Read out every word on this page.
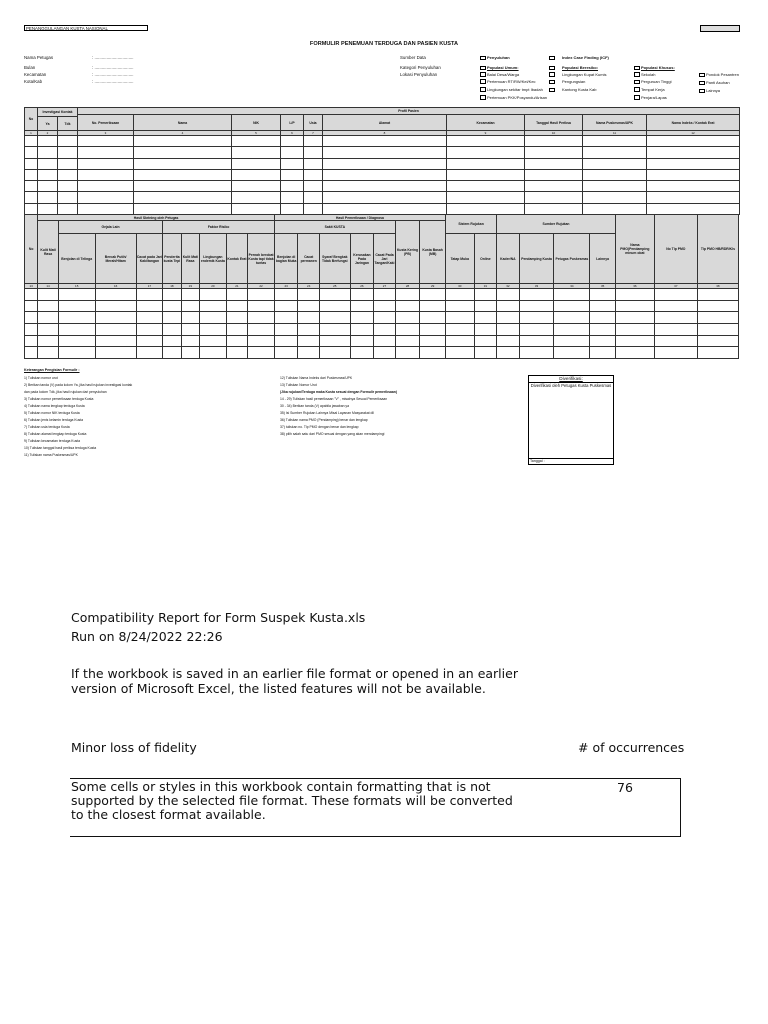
PENANGGULANGAN KUSTA NASIONAL
FORMULIR PENEMUAN TERDUGA DAN PASIEN KUSTA
Nama Petugas	: ................................
Bulan	: ................................
Kecamatan	: ................................
Kota/Kab	: ................................
Sumber Data
Kategori Penyuluhan
Lokasi Penyuluhan
Penyuluhan	Index Case Finding (ICF)
Populasi Umum:	Populasi Beresiko:	Populasi Khusus:
Balai Desa/Warga
Pertemuan RT/RW/Kel/Kec
Lingkungan sekitar tmpt Ibadah
Pertemuan PKK/Posyandu/Arisan
Lingkungan Kupat Kumis
Pengungsian
Kantong Kusta Kab
Sekolah
Perguruan Tinggi
Tempat Kerja
Penjara/Lapas
Pondok Pesantren
Panti Asuhan
Lainnya
No	Investigasi Kontak		Profil Pasien									
			No. Pemeriksaan	Nama	NIK	L/P	Usia	Alamat	Kecamatan	Tanggal Hasil Periksa	Nama Puskesmas/UPK	Nama Indeks / Kontak Erat
	Ya	Tdk										
1	2		3	4	5	6	7	8	9	10	11	12

No	Hasil Skrining oleh Petugas									Hasil Pemeriksaan / Diagnosa							Sistem Rujukan		Sumber Rujukan				Nama PMO(Pendamping minum obat	No Tlp PMO	Tlp PMO HB/RDR/Kls
	Kulit Mati Rasa	Gejala Lain			Faktor Risiko					Sakit KUSTA					Kusta Kering (PB)	Kusta Basah (MB)									
		Benjolan di Telinga	Bercak Putih/ Merah/Hitam	Cacat pada Jari Kaki/tangan	Penderita kusta Tepi	Kulit Mati Rasa	Lingkungan endemik Kusta	Kontak Erat	Pernah berobat Kusta tapi tidak tuntas	Benjolan di bagian Muka	Cacat permanen	Syaraf Bengkak Tidak Berfungsi	Kerusakan Pada Jaringan	Cacat Pada Jari Tangan/Kaki			Tatap Muka	Online	Kader/NA	Pendamping Kusta	Petugas Puskesmas	Lainnya			
13	14	15	16	17	18	19	20	21	22	23	24	25	26	27	28	29	30	31	32	33	34	35	36	37	38

Keterangan Pengisian Formulir :
1) Tuliskan nomor urut
2) Berikan tanda (V) pada kolom Ya, jika hasil rujukan investigasi kontak
dan pada kolom Tdk, jika hasil rujukan dari penyuluhan
3) Tuliskan nomor pemeriksaan terduga Kusta
4) Tuliskan nama lengkap terduga Kusta
5) Tuliskan nomor NIK terduga Kusta
6) Tuliskan jenis kelamin terduga Kusta
7) Tuliskan usia terduga Kusta
8) Tuliskan alamat lengkap terduga Kusta
9) Tuliskan kecamatan terduga Kusta
10) Tuliskan tanggal hasil periksa terduga Kusta
11) Tuliskan nama Puskesmas/UPK
12) Tuliskan Nama Indeks dari Puskesmas/UPK
13) Tuliskan Nomor Urut
(Jika rujukan/Terduga maka Kusta sesuai dengan Formulir pemeriksaan)
14 - 29) Tuliskan hasil pemeriksaan "V" , misalnya Sesuai Pemeriksaan
30 - 34) Berikan tanda (V) apabila jawaban ya
35) Isi Sumber Rujukan Lainnya Misal Layanan Masyarakat dll
36) Tuliskan nama PMO (Pendamping) benar dan lengkap
37) tuliskan no. Tlp PMO dengan benar dan lengkap
38) pilih salah satu dari PMO sesuai dengan yang akan mendampingi
Diverifikasi:
Diverifikasi oleh Petugas Kusta Puskesmas
Tanggal :
Compatibility Report for Form Suspek Kusta.xls
Run on 8/24/2022 22:26
If the workbook is saved in an earlier file format or opened in an earlier version of Microsoft Excel, the listed features will not be available.
Minor loss of fidelity	# of occurrences
Some cells or styles in this workbook contain formatting that is not supported by the selected file format. These formats will be converted to the closest format available.
76
